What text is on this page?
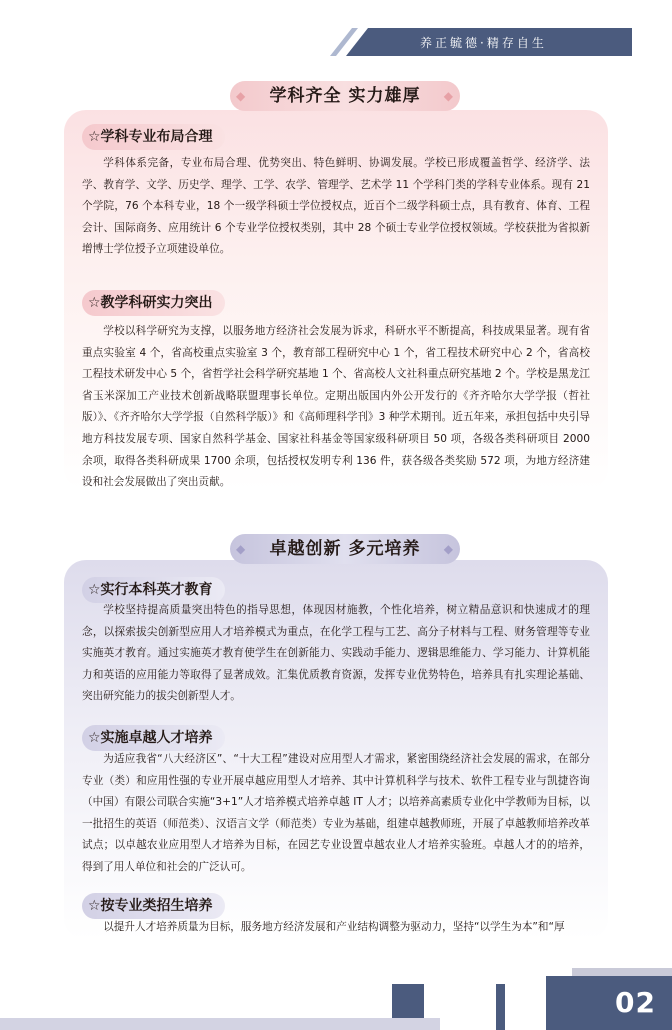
养正毓德·精存自生
◆ 学科齐全 实力雄厚 ◆
☆学科专业布局合理
学科体系完备，专业布局合理、优势突出、特色鲜明、协调发展。学校已形成覆盖哲学、经济学、法学、教育学、文学、历史学、理学、工学、农学、管理学、艺术学 11 个学科门类的学科专业体系。现有 21 个学院，76 个本科专业，18 个一级学科硕士学位授权点，近百个二级学科硕士点，具有教育、体育、工程会计、国际商务、应用统计 6 个专业学位授权类别，其中 28 个硕士专业学位授权领域。学校获批为省拟新增博士学位授予立项建设单位。
☆教学科研实力突出
学校以科学研究为支撑，以服务地方经济社会发展为诉求，科研水平不断提高，科技成果显著。现有省重点实验室 4 个，省高校重点实验室 3 个，教育部工程研究中心 1 个，省工程技术研究中心 2 个，省高校工程技术研发中心 5 个，省哲学社会科学研究基地 1 个、省高校人文社科重点研究基地 2 个。学校是黑龙江省玉米深加工产业技术创新战略联盟理事长单位。定期出版国内外公开发行的《齐齐哈尔大学学报（哲社版）》、《齐齐哈尔大学学报（自然科学版）》和《高师理科学刊》3 种学术期刊。近五年来，承担包括中央引导地方科技发展专项、国家自然科学基金、国家社科基金等国家级科研项目 50 项，各级各类科研项目 2000 余项，取得各类科研成果 1700 余项，包括授权发明专利 136 件，获各级各类奖励 572 项，为地方经济建设和社会发展做出了突出贡献。
◆ 卓越创新 多元培养 ◆
☆实行本科英才教育
学校坚持提高质量突出特色的指导思想，体现因材施教，个性化培养，树立精品意识和快速成才的理念，以探索拔尖创新型应用人才培养模式为重点，在化学工程与工艺、高分子材料与工程、财务管理等专业实施英才教育。通过实施英才教育使学生在创新能力、实践动手能力、逻辑思维能力、学习能力、计算机能力和英语的应用能力等取得了显著成效。汇集优质教育资源，发挥专业优势特色，培养具有扎实理论基础、突出研究能力的拔尖创新型人才。
☆实施卓越人才培养
为适应我省“八大经济区”、“十大工程”建设对应用型人才需求，紧密围绕经济社会发展的需求，在部分专业（类）和应用性强的专业开展卓越应用型人才培养、其中计算机科学与技术、软件工程专业与凯捷咨询（中国）有限公司联合实施“3+1”人才培养模式培养卓越 IT 人才；以培养高素质专业化中学教师为目标，以一批招生的英语（师范类）、汉语言文学（师范类）专业为基础，组建卓越教师班，开展了卓越教师培养改革试点；以卓越农业应用型人才培养为目标，在园艺专业设置卓越农业人才培养实验班。卓越人才的的培养，得到了用人单位和社会的广泛认可。
☆按专业类招生培养
以提升人才培养质量为目标，服务地方经济发展和产业结构调整为驱动力，坚持“以学生为本”和“厚
02
